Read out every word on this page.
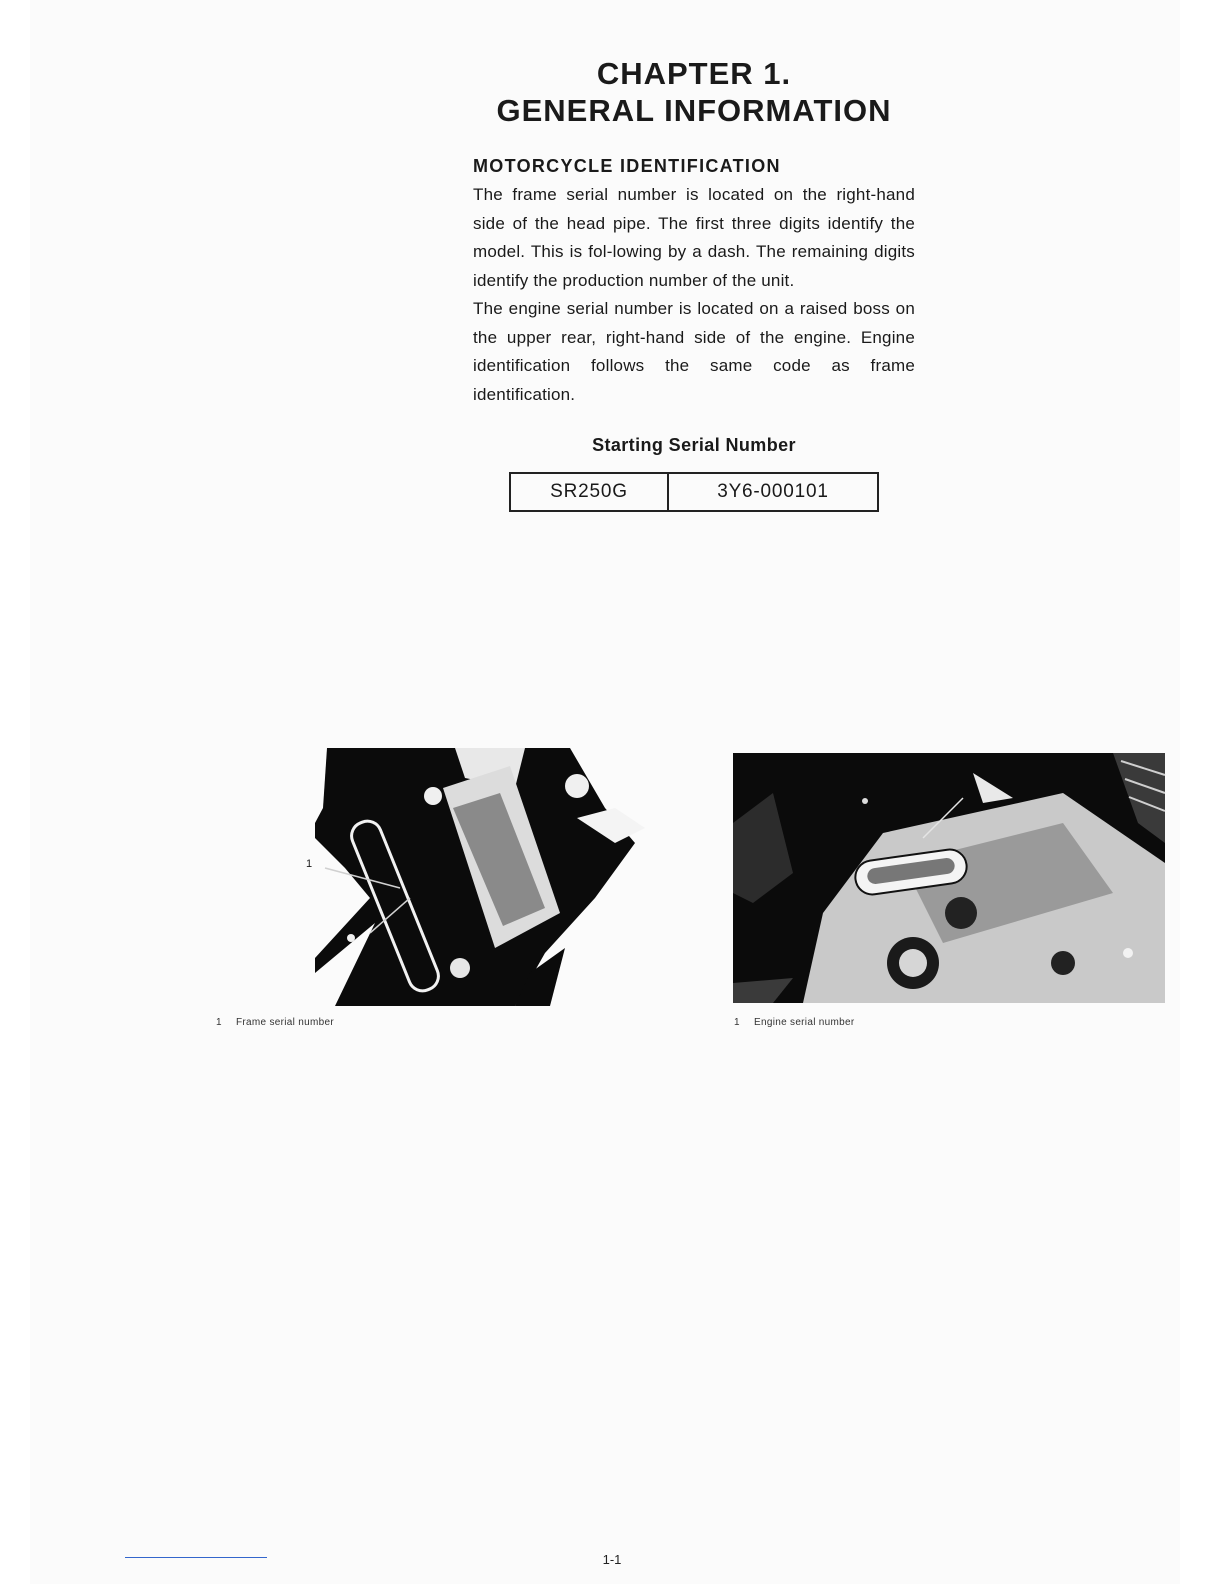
CHAPTER 1.
GENERAL INFORMATION
MOTORCYCLE IDENTIFICATION

The frame serial number is located on the right-hand side of the head pipe. The first three digits identify the model. This is fol-lowing by a dash. The remaining digits identify the production number of the unit.

The engine serial number is located on a raised boss on the upper rear, right-hand side of the engine. Engine identification follows the same code as frame identification.

Starting Serial Number
SR250G	3Y6-000101
1
1 Frame serial number	1 Engine serial number
1-1
